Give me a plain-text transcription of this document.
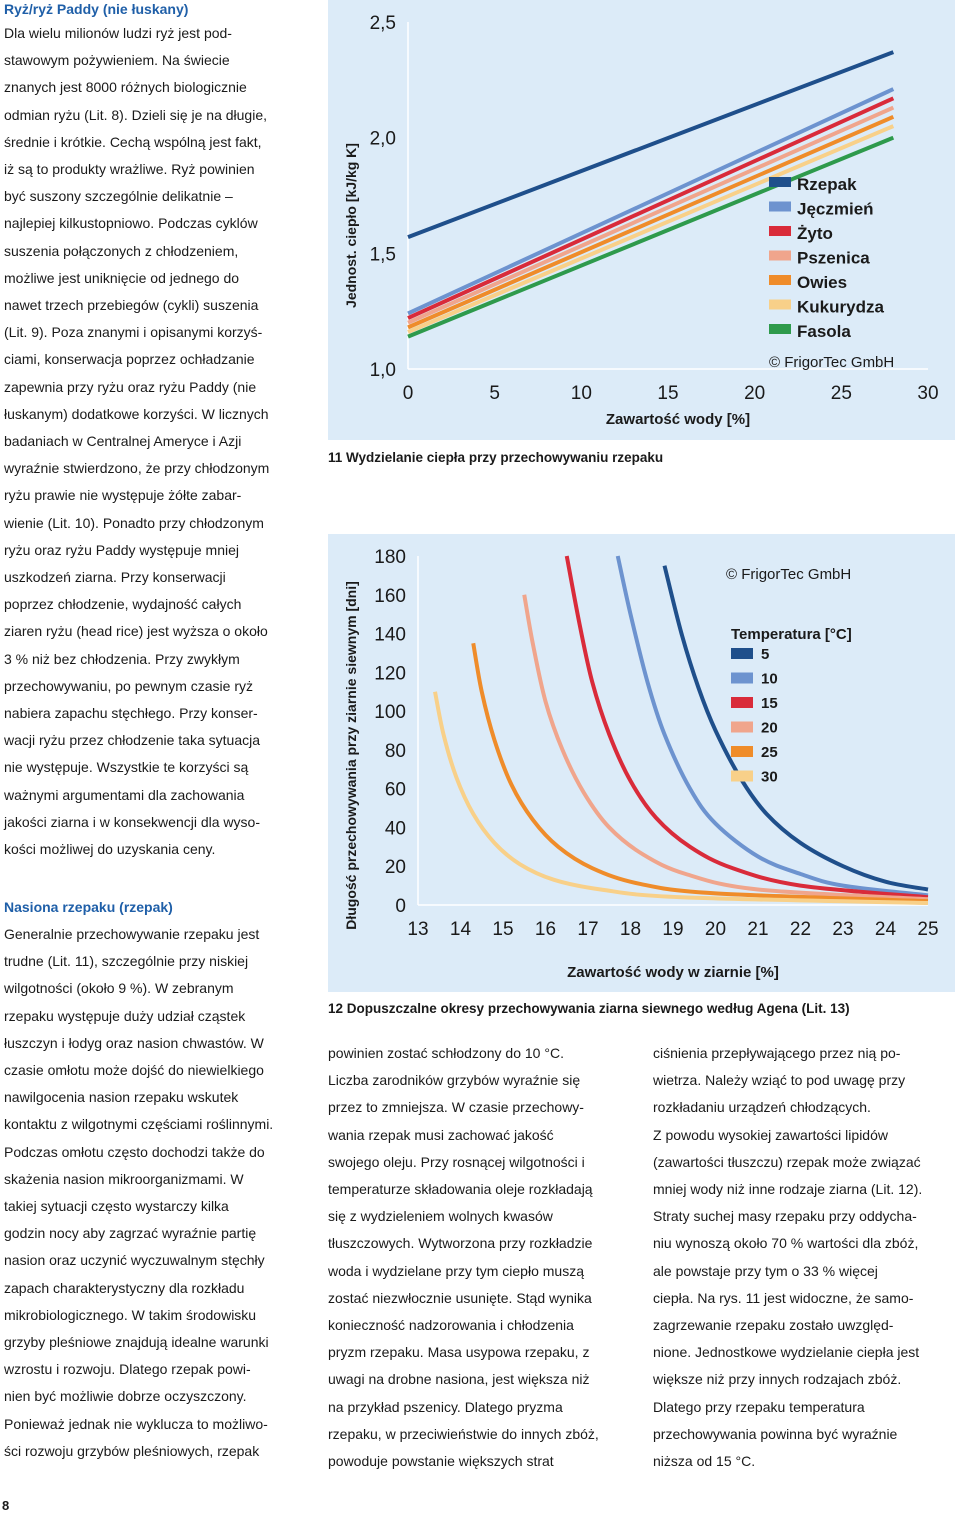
Ryż/ryż Paddy (nie łuskany)

Dla wielu milionów ludzi ryż jest pod-
stawowym pożywieniem. Na świecie
znanych jest 8000 różnych biologicznie
odmian ryżu (Lit. 8). Dzieli się je na długie,
średnie i krótkie. Cechą wspólną jest fakt,
iż są to produkty wrażliwe. Ryż powinien
być suszony szczególnie delikatnie –
najlepiej kilkustopniowo. Podczas cyklów
suszenia połączonych z chłodzeniem,
możliwe jest uniknięcie od jednego do
nawet trzech przebiegów (cykli) suszenia
(Lit. 9). Poza znanymi i opisanymi korzyś-
ciami, konserwacja poprzez ochładzanie
zapewnia przy ryżu oraz ryżu Paddy (nie
łuskanym) dodatkowe korzyści. W licznych
badaniach w Centralnej Ameryce i Azji
wyraźnie stwierdzono, że przy chłodzonym
ryżu prawie nie występuje żółte zabar-
wienie (Lit. 10). Ponadto przy chłodzonym
ryżu oraz ryżu Paddy występuje mniej
uszkodzeń ziarna. Przy konserwacji
poprzez chłodzenie, wydajność całych
ziaren ryżu (head rice) jest wyższa o około
3 % niż bez chłodzenia. Przy zwykłym
przechowywaniu, po pewnym czasie ryż
nabiera zapachu stęchłego. Przy konser-
wacji ryżu przez chłodzenie taka sytuacja
nie występuje. Wszystkie te korzyści są
ważnymi argumentami dla zachowania
jakości ziarna i w konsekwencji dla wyso-
kości możliwej do uzyskania ceny.

Nasiona rzepaku (rzepak)

Generalnie przechowywanie rzepaku jest
trudne (Lit. 11), szczególnie przy niskiej
wilgotności (około 9 %). W zebranym
rzepaku występuje duży udział cząstek
łuszczyn i łodyg oraz nasion chwastów. W
czasie omłotu może dojść do niewielkiego
nawilgocenia nasion rzepaku wskutek
kontaktu z wilgotnymi częściami roślinnymi.
Podczas omłotu często dochodzi także do
skażenia nasion mikroorganizmami. W
takiej sytuacji często wystarczy kilka
godzin nocy aby zagrzać wyraźnie partię
nasion oraz uczynić wyczuwalnym stęchły
zapach charakterystyczny dla rozkładu
mikrobiologicznego. W takim środowisku
grzyby pleśniowe znajdują idealne warunki
wzrostu i rozwoju. Dlatego rzepak powi-
nien być możliwie dobrze oczyszczony.
Ponieważ jednak nie wyklucza to możliwo-
ści rozwoju grzybów pleśniowych, rzepak
1,0
1,5
2,0
2,5
0	5	10	15	20	25	30
Zawartość wody [%]
Jednost. ciepło [kJ/kg K]	Rzepak
Jęczmień
Żyto
Pszenica
Owies
Kukurydza
Fasola
© FrigorTec GmbH
11 Wydzielanie ciepła przy przechowywaniu rzepaku
0
20
40
60
80
100
120
140
160
180
13 14 15 16 17 18 19 20 21 22 23 24 25
Zawartość wody w ziarnie [%]
Długość przechowywania przy ziarnie siewnym [dni]
© FrigorTec GmbH
Temperatura [°C]
5
10
15
20
25
30
12 Dopuszczalne okresy przechowywania ziarna siewnego według Agena (Lit. 13)
powinien zostać schłodzony do 10 °C.
Liczba zarodników grzybów wyraźnie się
przez to zmniejsza. W czasie przechowy-
wania rzepak musi zachować jakość
swojego oleju. Przy rosnącej wilgotności i
temperaturze składowania oleje rozkładają
się z wydzieleniem wolnych kwasów
tłuszczowych. Wytworzona przy rozkładzie
woda i wydzielane przy tym ciepło muszą
zostać niezwłocznie usunięte. Stąd wynika
konieczność nadzorowania i chłodzenia
pryzm rzepaku. Masa usypowa rzepaku, z
uwagi na drobne nasiona, jest większa niż
na przykład pszenicy. Dlatego pryzma
rzepaku, w przeciwieństwie do innych zbóż,
powoduje powstanie większych strat
ciśnienia przepływającego przez nią po-
wietrza. Należy wziąć to pod uwagę przy
rozkładaniu urządzeń chłodzących.
Z powodu wysokiej zawartości lipidów
(zawartości tłuszczu) rzepak może związać
mniej wody niż inne rodzaje ziarna (Lit. 12).
Straty suchej masy rzepaku przy oddycha-
niu wynoszą około 70 % wartości dla zbóż,
ale powstaje przy tym o 33 % więcej
ciepła. Na rys. 11 jest widoczne, że samo-
zagrzewanie rzepaku zostało uwzględ-
nione. Jednostkowe wydzielanie ciepła jest
większe niż przy innych rodzajach zbóż.
Dlatego przy rzepaku temperatura
przechowywania powinna być wyraźnie
niższa od 15 °C.
8
